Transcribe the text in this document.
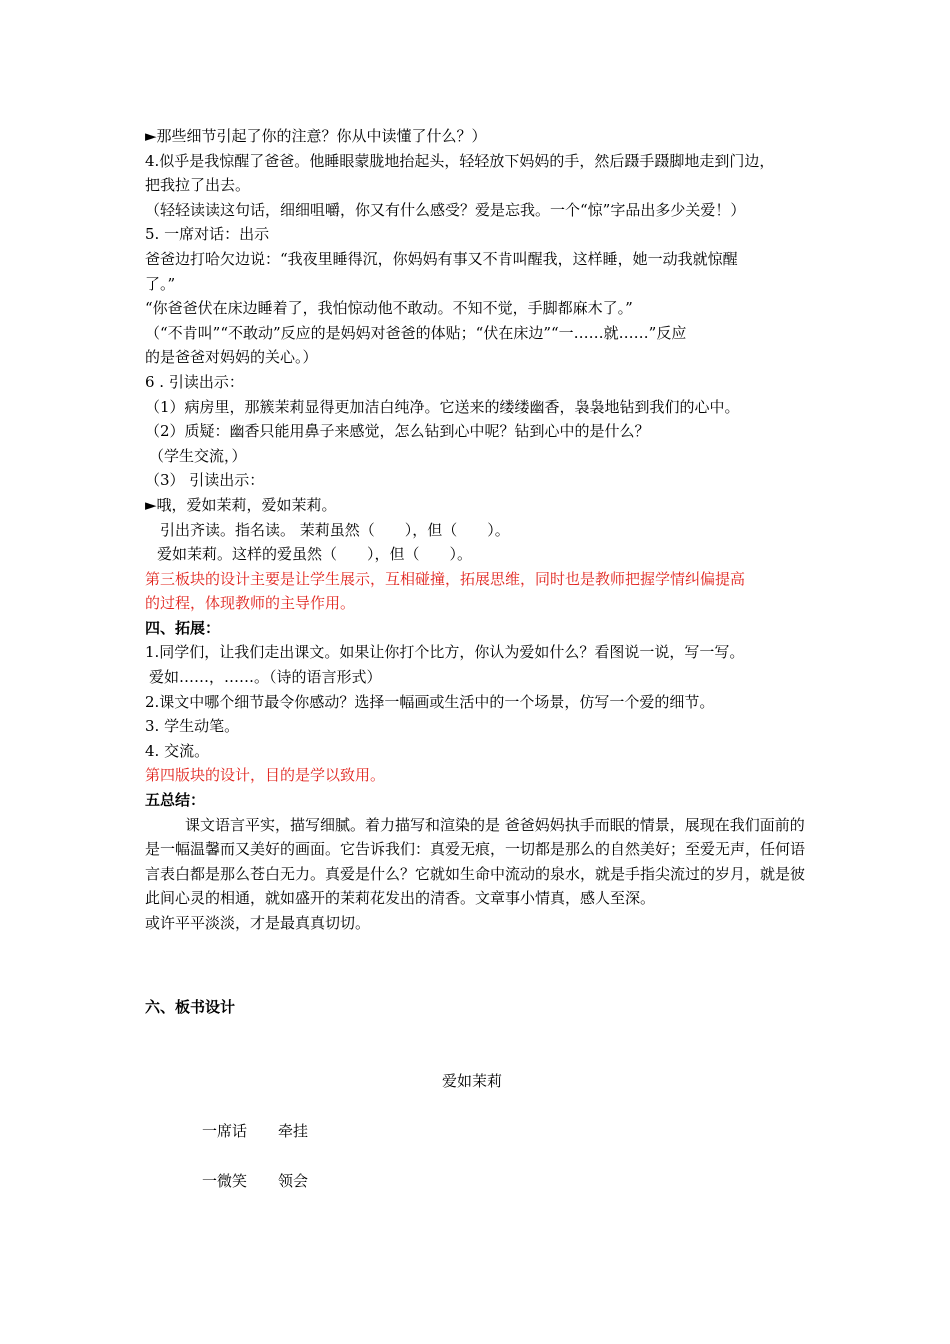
►那些细节引起了你的注意？你从中读懂了什么？）
4.似乎是我惊醒了爸爸。他睡眼蒙胧地抬起头，轻轻放下妈妈的手，然后蹑手蹑脚地走到门边，
把我拉了出去。
（轻轻读读这句话，细细咀嚼，你又有什么感受？爱是忘我。一个“惊”字品出多少关爱！）
5. 一席对话：出示
爸爸边打哈欠边说：“我夜里睡得沉，你妈妈有事又不肯叫醒我，这样睡，她一动我就惊醒
了。”
“你爸爸伏在床边睡着了，我怕惊动他不敢动。不知不觉，手脚都麻木了。”
（“不肯叫”“不敢动”反应的是妈妈对爸爸的体贴；“伏在床边”“一……就……”反应
的是爸爸对妈妈的关心。）
6 . 引读出示：
（1）病房里，那簇茉莉显得更加洁白纯净。它送来的缕缕幽香，袅袅地钻到我们的心中。
（2）质疑：幽香只能用鼻子来感觉，怎么钻到心中呢？钻到心中的是什么？
（学生交流，）
（3） 引读出示：
►哦，爱如茉莉，爱如茉莉。
引出齐读。指名读。 茉莉虽然（　　），但（　　）。
爱如茉莉。这样的爱虽然（　　），但（　　）。
第三板块的设计主要是让学生展示，互相碰撞，拓展思维，同时也是教师把握学情纠偏提高
的过程，体现教师的主导作用。
四、拓展：
1.同学们，让我们走出课文。如果让你打个比方，你认为爱如什么？看图说一说，写一写。
爱如……，……。（诗的语言形式）
2.课文中哪个细节最令你感动？选择一幅画或生活中的一个场景，仿写一个爱的细节。
3. 学生动笔。
4. 交流。
第四版块的设计，目的是学以致用。
五总结：
课文语言平实，描写细腻。着力描写和渲染的是 爸爸妈妈执手而眠的情景，展现在我们面前的是一幅温馨而又美好的画面。它告诉我们：真爱无痕，一切都是那么的自然美好；至爱无声，任何语言表白都是那么苍白无力。真爱是什么？它就如生命中流动的泉水，就是手指尖流过的岁月，就是彼此间心灵的相通，就如盛开的茉莉花发出的清香。文章事小情真，感人至深。
或许平平淡淡，才是最真真切切。
六、板书设计
爱如茉莉
一席话 牵挂
一微笑 领会
